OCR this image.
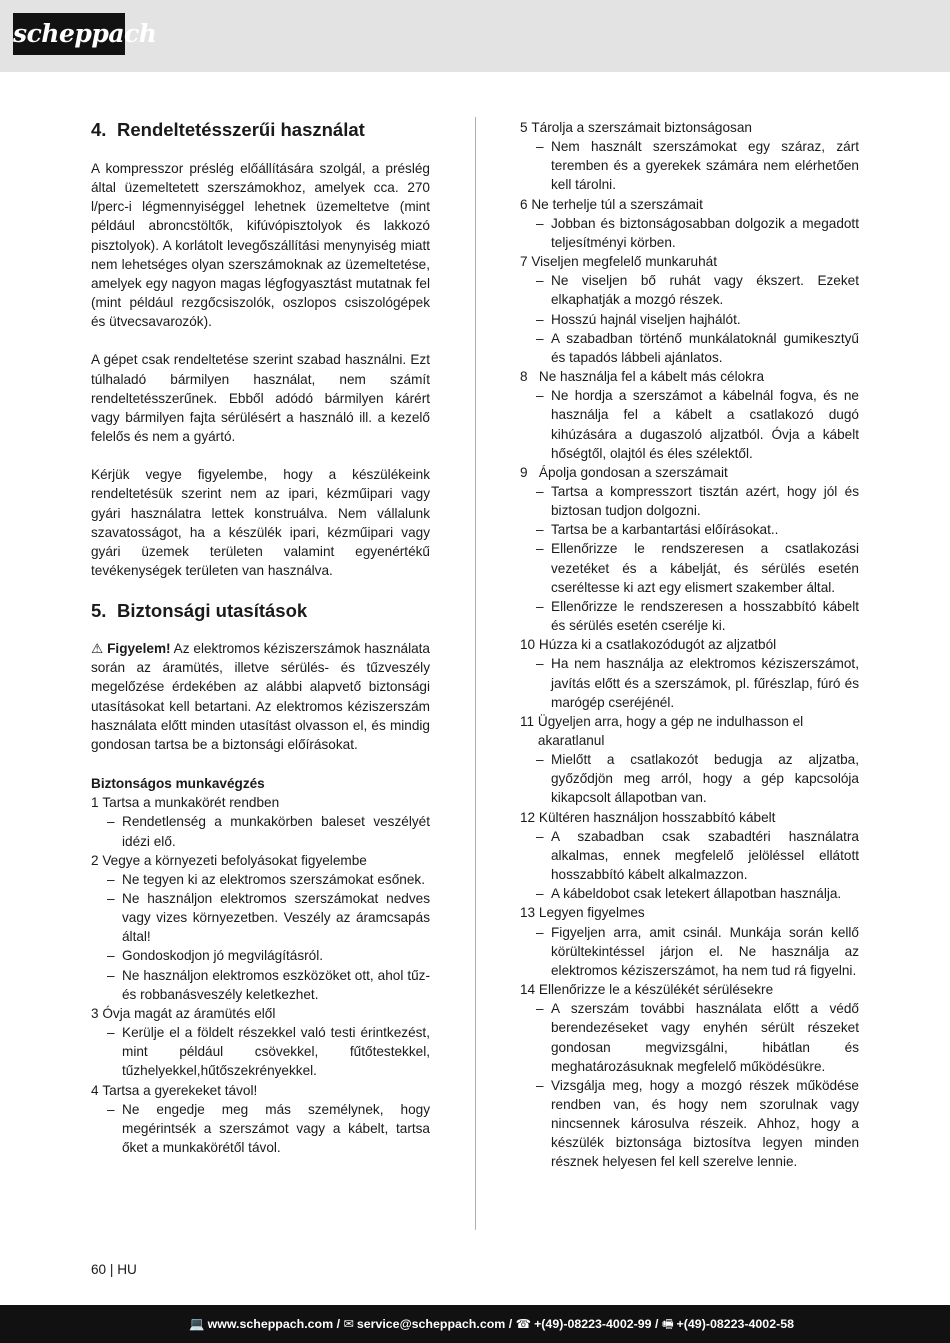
scheppach
4. Rendeltetésszerűi használat

A kompresszor préslég előállítására szolgál, a préslég által üzemeltetett szerszámokhoz, amelyek cca. 270 l/perc-i légmennyiséggel lehetnek üzemeltetve (mint például abroncstöltők, kifúvópisztolyok és lakkozó pisztolyok). A korlátolt levegőszállítási menynyiség miatt nem lehetséges olyan szerszámoknak az üzemeltetése, amelyek egy nagyon magas légfogyasztást mutatnak fel (mint például rezgőcsiszolók, oszlopos csiszológépek és ütvecsavarozók).

A gépet csak rendeltetése szerint szabad használni. Ezt túlhaladó bármilyen használat, nem számít rendeltetésszerűnek. Ebből adódó bármilyen kárért vagy bármilyen fajta sérülésért a használó ill. a kezelő felelős és nem a gyártó.

Kérjük vegye figyelembe, hogy a készülékeink rendeltetésük szerint nem az ipari, kézműipari vagy gyári használatra lettek konstruálva. Nem vállalunk szavatosságot, ha a készülék ipari, kézműipari vagy gyári üzemek területen valamint egyenértékű tevékenységek területen van használva.

5. Biztonsági utasítások

⚠ Figyelem! Az elektromos kéziszerszámok használata során az áramütés, illetve sérülés- és tűzveszély megelőzése érdekében az alábbi alapvető biztonsági utasításokat kell betartani. Az elektromos kéziszerszám használata előtt minden utasítást olvasson el, és mindig gondosan tartsa be a biztonsági előírásokat.

Biztonságos munkavégzés

1 Tartsa a munkakörét rendben
– Rendetlenség a munkakörben baleset veszélyét idézi elő.
2 Vegye a környezeti befolyásokat figyelembe
– Ne tegyen ki az elektromos szerszámokat esőnek.
– Ne használjon elektromos szerszámokat nedves vagy vizes környezetben. Veszély az áramcsapás által!
– Gondoskodjon jó megvilágításról.
– Ne használjon elektromos eszközöket ott, ahol tűz- és robbanásveszély keletkezhet.
3 Óvja magát az áramütés elől
– Kerülje el a földelt részekkel való testi érintkezést, mint például csövekkel, fűtőtestekkel, tűzhelyekkel,hűtőszekrényekkel.
4 Tartsa a gyerekeket távol!
– Ne engedje meg más személynek, hogy megérintsék a szerszámot vagy a kábelt, tartsa őket a munkakörétől távol.
5 Tárolja a szerszámait biztonságosan
– Nem használt szerszámokat egy száraz, zárt teremben és a gyerekek számára nem elérhetően kell tárolni.
6 Ne terhelje túl a szerszámait
– Jobban és biztonságosabban dolgozik a megadott teljesítményi körben.
7 Viseljen megfelelő munkaruhát
– Ne viseljen bő ruhát vagy ékszert. Ezeket elkaphatják a mozgó részek.
– Hosszú hajnál viseljen hajhálót.
– A szabadban történő munkálatoknál gumikesztyű és tapadós lábbeli ajánlatos.
8 Ne használja fel a kábelt más célokra
– Ne hordja a szerszámot a kábelnál fogva, és ne használja fel a kábelt a csatlakozó dugó kihúzására a dugaszoló aljzatból. Óvja a kábelt hőségtől, olajtól és éles szélektől.
9 Ápolja gondosan a szerszámait
– Tartsa a kompresszort tisztán azért, hogy jól és biztosan tudjon dolgozni.
– Tartsa be a karbantartási előírásokat..
– Ellenőrizze le rendszeresen a csatlakozási vezetéket és a kábelját, és sérülés esetén cseréltesse ki azt egy elismert szakember által.
– Ellenőrizze le rendszeresen a hosszabbító kábelt és sérülés esetén cserélje ki.
10 Húzza ki a csatlakozódugót az aljzatból
– Ha nem használja az elektromos kéziszerszámot, javítás előtt és a szerszámok, pl. fűrészlap, fúró és marógép cseréjénél.
11 Ügyeljen arra, hogy a gép ne indulhasson el akaratlanul
– Mielőtt a csatlakozót bedugja az aljzatba, győződjön meg arról, hogy a gép kapcsolója kikapcsolt állapotban van.
12 Kültéren használjon hosszabbító kábelt
– A szabadban csak szabadtéri használatra alkalmas, ennek megfelelő jelöléssel ellátott hosszabbító kábelt alkalmazzon.
– A kábeldobot csak letekert állapotban használja.
13 Legyen figyelmes
– Figyeljen arra, amit csinál. Munkája során kellő körültekintéssel járjon el. Ne használja az elektromos kéziszerszámot, ha nem tud rá figyelni.
14 Ellenőrizze le a készülékét sérülésekre
– A szerszám további használata előtt a védő berendezéseket vagy enyhén sérült részeket gondosan megvizsgálni, hibátlan és meghatározásuknak megfelelő működésükre.
– Vizsgálja meg, hogy a mozgó részek működése rendben van, és hogy nem szorulnak vagy nincsennek károsulva részeik. Ahhoz, hogy a készülék biztonsága biztosítva legyen minden résznek helyesen fel kell szerelve lennie.
60 | HU
💻 www.scheppach.com / ✉ service@scheppach.com / ☎ +(49)-08223-4002-99 / 🖷 +(49)-08223-4002-58
